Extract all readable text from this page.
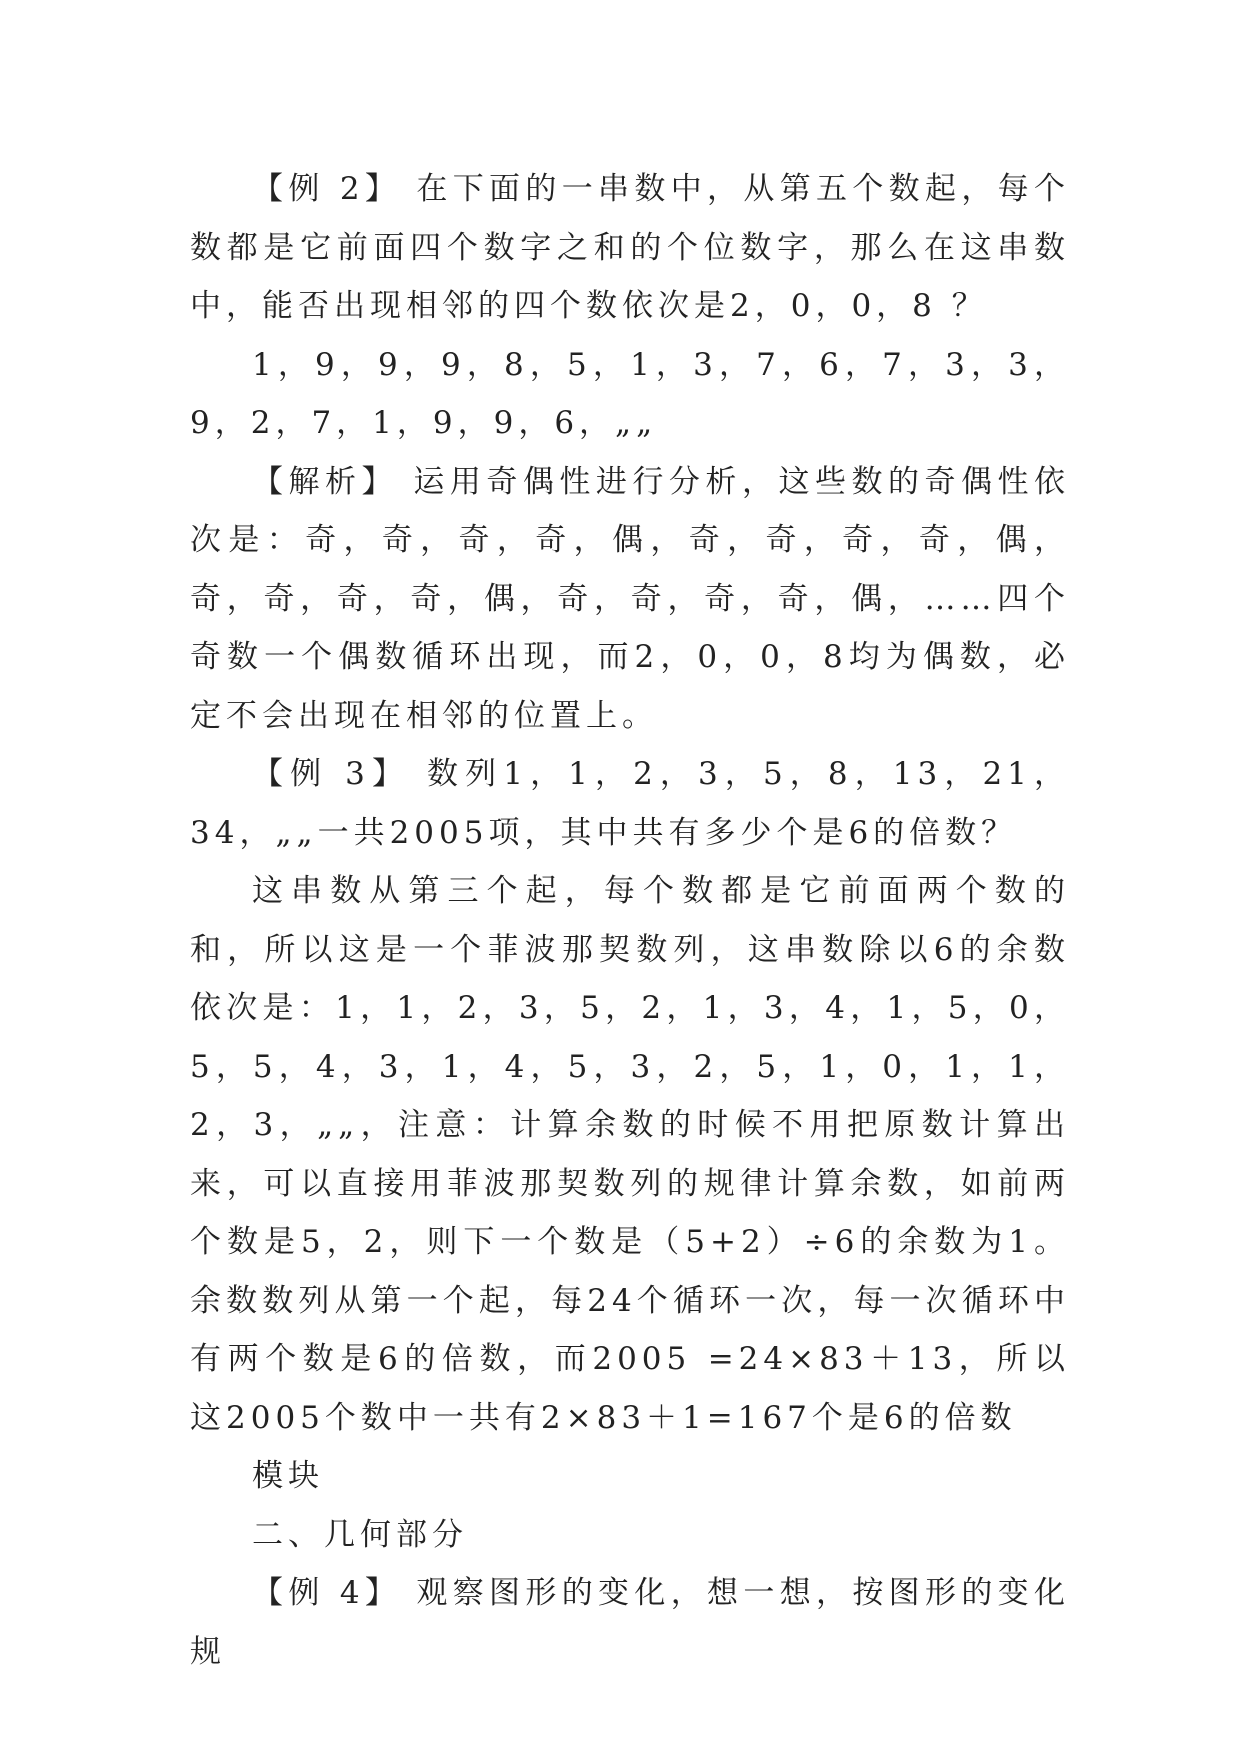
【例 2】 在下面的一串数中，从第五个数起，每个数都是它前面四个数字之和的个位数字，那么在这串数中，能否出现相邻的四个数依次是2，0，0，8 ？

1，9，9，9，8，5，1，3，7，6，7，3，3，9，2，7，1，9，9，6，„„

【解析】 运用奇偶性进行分析，这些数的奇偶性依次是：奇，奇，奇，奇，偶，奇，奇，奇，奇，偶，奇，奇，奇，奇，偶，奇，奇，奇，奇，偶，……四个奇数一个偶数循环出现，而2，0，0，8均为偶数，必定不会出现在相邻的位置上。

【例 3】 数列1，1，2，3，5，8，13，21，34，„„一共2005项，其中共有多少个是6的倍数？

这串数从第三个起，每个数都是它前面两个数的和，所以这是一个菲波那契数列，这串数除以6的余数依次是：1，1，2，3，5，2，1，3，4，1，5，0，5，5，4，3，1，4，5，3，2，5，1，0，1，1，2，3，„„，注意：计算余数的时候不用把原数计算出来，可以直接用菲波那契数列的规律计算余数，如前两个数是5，2，则下一个数是（5+2）÷6的余数为1。余数数列从第一个起，每24个循环一次，每一次循环中有两个数是6的倍数，而2005 =24×83＋13，所以这2005个数中一共有2×83＋1=167个是6的倍数

模块

二、几何部分

【例 4】 观察图形的变化，想一想，按图形的变化规
